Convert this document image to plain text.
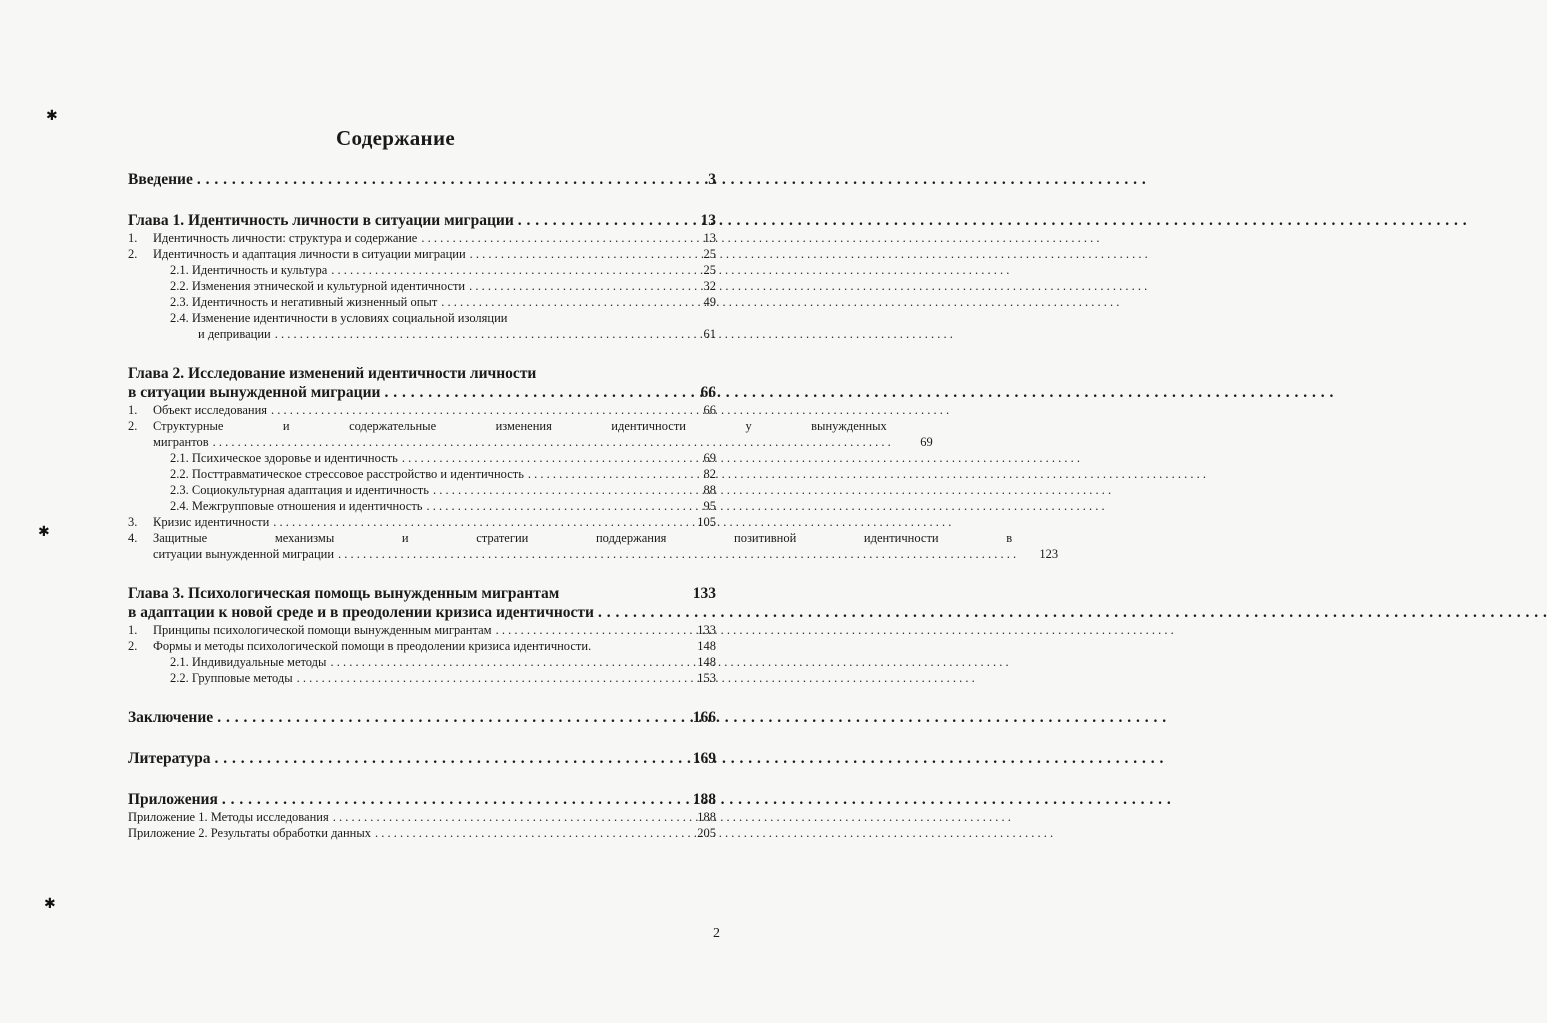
✱
✱
✱
Содержание
Введение . . .	3
Глава 1. Идентичность личности в ситуации миграции . . .	13
1.	Идентичность личности: структура и содержание . . .	13
2.	Идентичность и адаптация личности в ситуации миграции . . .	25
2.1. Идентичность и культура . . .	25
2.2. Изменения этнической и культурной идентичности . . .	32
2.3. Идентичность и негативный жизненный опыт . . .	49
2.4. Изменение идентичности в условиях социальной изоляции
и депривации . . .	61
Глава 2. Исследование изменений идентичности личности
в ситуации вынужденной миграции . . .	66
1.	Объект исследования . . .	66
2.	Структурные и содержательные изменения идентичности у вынужденных
мигрантов . . .	69
2.1. Психическое здоровье и идентичность . . .	69
2.2. Посттравматическое стрессовое расстройство и идентичность . . .	82
2.3. Социокультурная адаптация и идентичность . . .	88
2.4. Межгрупповые отношения и идентичность . . .	95
3.	Кризис идентичности . . .	105
4.	Защитные механизмы и стратегии поддержания позитивной идентичности в
ситуации вынужденной миграции . . .	123
Глава 3. Психологическая помощь вынужденным мигрантам	133
в адаптации к новой среде и в преодолении кризиса идентичности
. . .
1.	Принципы психологической помощи вынужденным мигрантам . . .	133
2.	Формы и методы психологической помощи в преодолении кризиса идентичности.	148
2.1. Индивидуальные методы . . .	148
2.2. Групповые методы . . .	153
Заключение . . .	166
Литература . . .	169
Приложения . . .	188
Приложение 1. Методы исследования . . .	188
Приложение 2. Результаты обработки данных . . .	205
2
